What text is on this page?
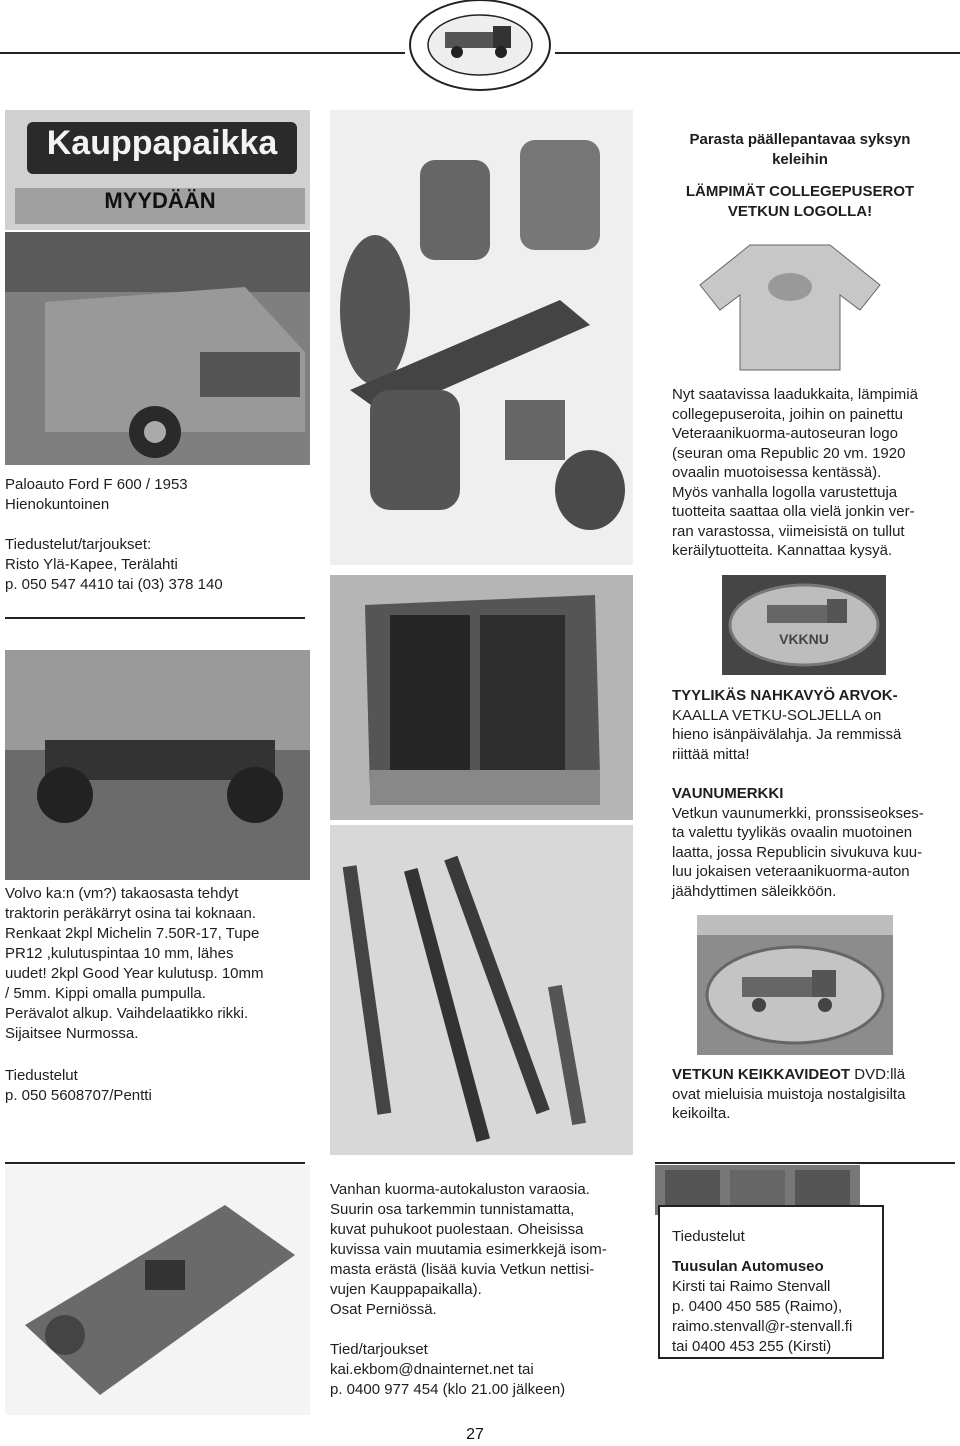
Kauppapaikka
MYYDÄÄN
VKKNU
Paloauto Ford F 600 / 1953
Hienokuntoinen
Tiedustelut/tarjoukset:
Risto Ylä-Kapee, Terälahti
p. 050 547 4410 tai (03) 378 140
Volvo ka:n (vm?) takaosasta tehdyt
traktorin peräkärryt osina tai koknaan.
Renkaat 2kpl Michelin 7.50R-17, Tupe
PR12 ,kulutuspintaa 10 mm, lähes
uudet! 2kpl Good Year kulutusp. 10mm
/ 5mm. Kippi omalla pumpulla.
Perävalot alkup. Vaihdelaatikko rikki.
Sijaitsee Nurmossa.
Tiedustelut
p. 050 5608707/Pentti
Parasta päällepantavaa syksyn
keleihin
LÄMPIMÄT COLLEGEPUSEROT
VETKUN LOGOLLA!
Nyt saatavissa laadukkaita, lämpimiä
collegepuseroita, joihin on painettu
Veteraanikuorma-autoseuran logo
(seuran oma Republic 20 vm. 1920
ovaalin muotoisessa kentässä).
Myös vanhalla logolla varustettuja
tuotteita saattaa olla vielä jonkin ver-
ran varastossa, viimeisistä on tullut
keräilytuotteita. Kannattaa kysyä.
TYYLIKÄS NAHKAVYÖ ARVOK-
KAALLA VETKU-SOLJELLA on
hieno isänpäivälahja. Ja remmissä
riittää mitta!
VAUNUMERKKI
Vetkun vaunumerkki, pronssiseokses-
ta valettu tyylikäs ovaalin muotoinen
laatta, jossa Republicin sivukuva kuu-
luu jokaisen veteraanikuorma-auton
jäähdyttimen säleikköön.
VETKUN KEIKKAVIDEOT DVD:llä
ovat mieluisia muistoja nostalgisilta
keikoilta.
Vanhan kuorma-autokaluston varaosia.
Suurin osa tarkemmin tunnistamatta,
kuvat puhukoot puolestaan. Oheisissa
kuvissa vain muutamia esimerkkejä isom-
masta erästä (lisää kuvia Vetkun nettisi-
vujen Kauppapaikalla).
Osat Perniössä.
Tied/tarjoukset
kai.ekbom@dnainternet.net tai
p. 0400 977 454 (klo 21.00 jälkeen)
Tiedustelut
Tuusulan Automuseo
Kirsti tai Raimo Stenvall
p. 0400 450 585 (Raimo),
raimo.stenvall@r-stenvall.fi
tai 0400 453 255 (Kirsti)
27
